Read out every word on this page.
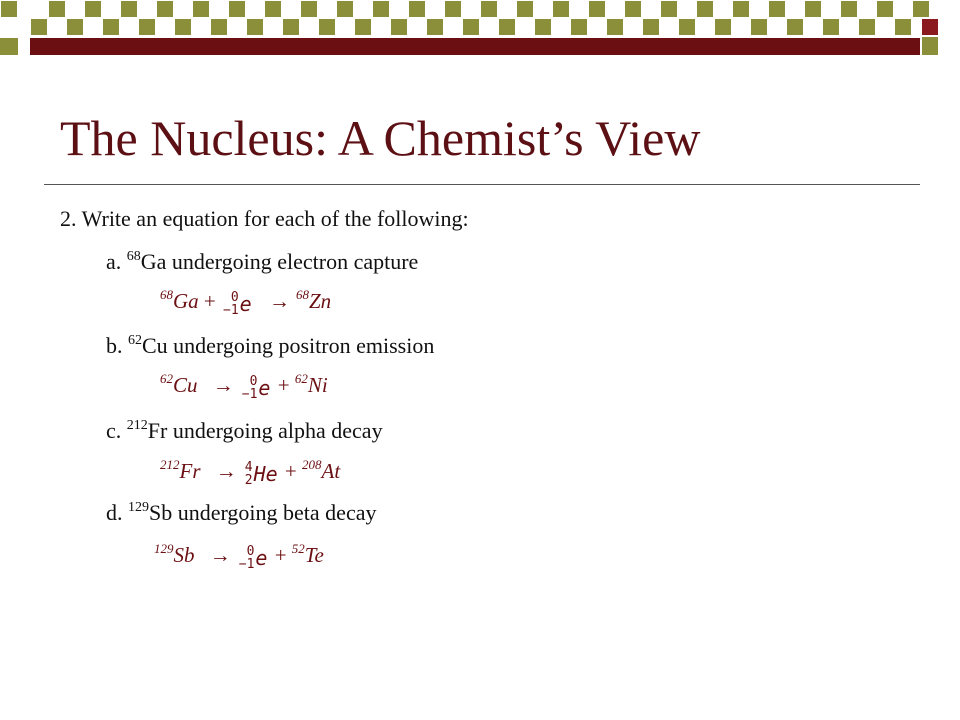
The Nucleus: A Chemist’s View
2. Write an equation for each of the following:
a. $^{68}$Ga undergoing electron capture
$^{68}$Ga + 0
−1 e → $^{68}$Zn
b. $^{62}$Cu undergoing positron emission
$^{62}$Cu → 0
−1 e + $^{62}$Ni
c. $^{212}$Fr undergoing alpha decay
$^{212}$Fr → 4
2 He + $^{208}$At
d. $^{129}$Sb undergoing beta decay
$^{129}$Sb → 0
−1 e + $^{52}$Te
